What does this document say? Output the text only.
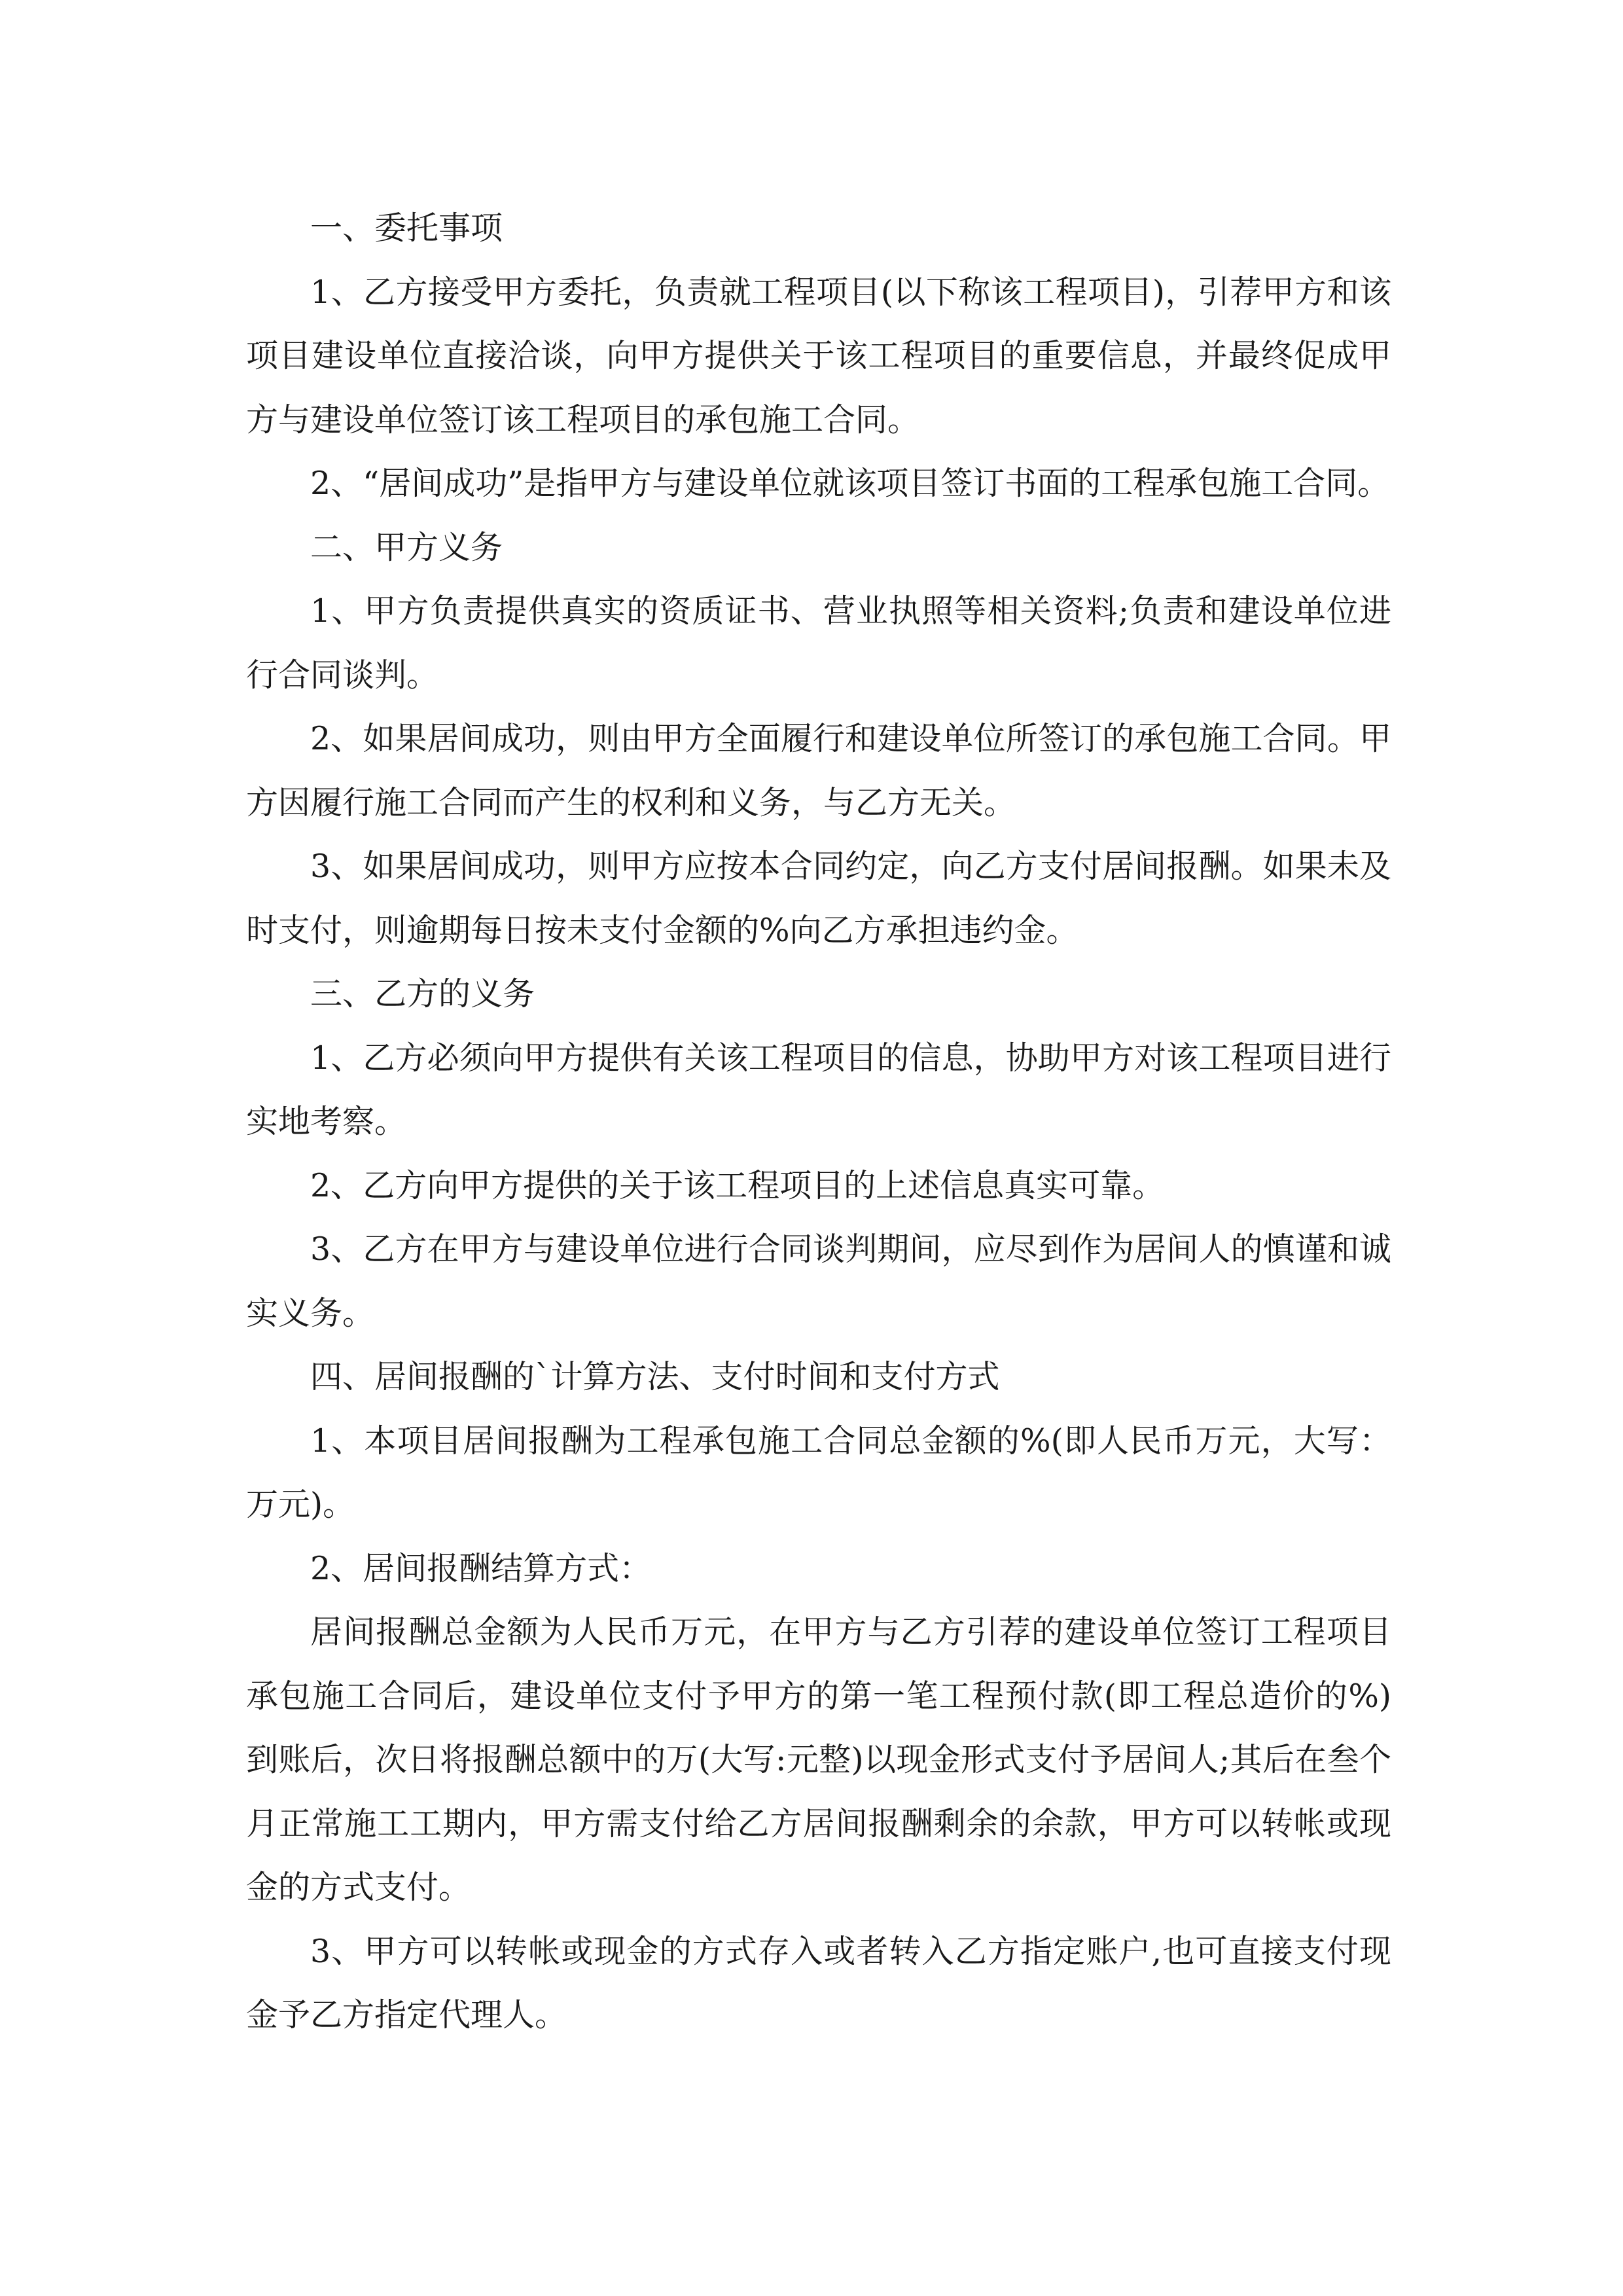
一、委托事项

1、乙方接受甲方委托，负责就工程项目(以下称该工程项目)，引荐甲方和该项目建设单位直接洽谈，向甲方提供关于该工程项目的重要信息，并最终促成甲方与建设单位签订该工程项目的承包施工合同。

2、“居间成功”是指甲方与建设单位就该项目签订书面的工程承包施工合同。

二、甲方义务

1、甲方负责提供真实的资质证书、营业执照等相关资料;负责和建设单位进行合同谈判。

2、如果居间成功，则由甲方全面履行和建设单位所签订的承包施工合同。甲方因履行施工合同而产生的权利和义务，与乙方无关。

3、如果居间成功，则甲方应按本合同约定，向乙方支付居间报酬。如果未及时支付，则逾期每日按未支付金额的%向乙方承担违约金。

三、乙方的义务

1、乙方必须向甲方提供有关该工程项目的信息，协助甲方对该工程项目进行实地考察。

2、乙方向甲方提供的关于该工程项目的上述信息真实可靠。

3、乙方在甲方与建设单位进行合同谈判期间，应尽到作为居间人的慎谨和诚实义务。

四、居间报酬的`计算方法、支付时间和支付方式

1、本项目居间报酬为工程承包施工合同总金额的%(即人民币万元，大写：万元)。

2、居间报酬结算方式：

居间报酬总金额为人民币万元，在甲方与乙方引荐的建设单位签订工程项目承包施工合同后，建设单位支付予甲方的第一笔工程预付款(即工程总造价的%)到账后，次日将报酬总额中的万(大写:元整)以现金形式支付予居间人;其后在叁个月正常施工工期内，甲方需支付给乙方居间报酬剩余的余款，甲方可以转帐或现金的方式支付。

3、甲方可以转帐或现金的方式存入或者转入乙方指定账户,也可直接支付现金予乙方指定代理人。
